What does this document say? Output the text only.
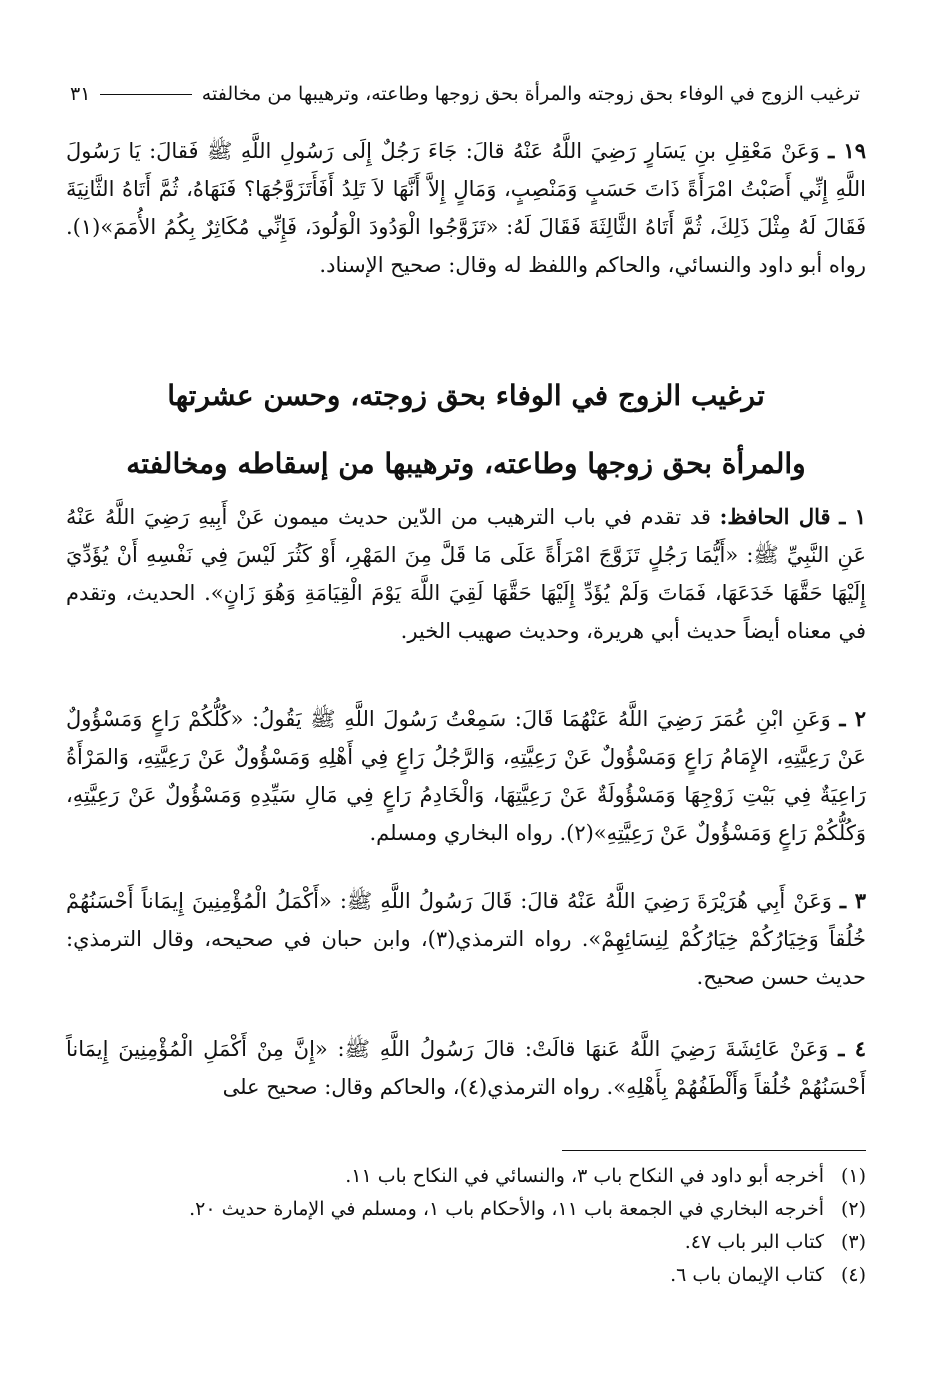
ترغيب الزوج في الوفاء بحق زوجته والمرأة بحق زوجها وطاعته، وترهيبها من مخالفته
٣١
١٩ ـ وَعَنْ مَعْقِلِ بنِ يَسَارٍ رَضِيَ اللَّهُ عَنْهُ قالَ: جَاءَ رَجُلٌ إِلَى رَسُولِ اللَّهِ ﷺ فَقالَ: يَا رَسُولَ اللَّهِ إِنِّي أَصَبْتُ امْرَأَةً ذَاتَ حَسَبٍ وَمَنْصِبٍ، وَمَالٍ إِلاَّ أَنَّهَا لاَ تَلِدُ أَفَأَتَزَوَّجُهَا؟ فَنَهَاهُ، ثُمَّ أَتَاهُ الثَّانِيَةَ فَقَالَ لَهُ مِثْلَ ذَلِكَ، ثُمَّ أَتَاهُ الثَّالِثَةَ فَقَالَ لَهُ: «تَزَوَّجُوا الْوَدُودَ الْوَلُودَ، فَإِنِّي مُكَاثِرٌ بِكُمُ الأُمَمَ»(١). رواه أبو داود والنسائي، والحاكم واللفظ له وقال: صحيح الإسناد.
ترغيب الزوج في الوفاء بحق زوجته، وحسن عشرتها
والمرأة بحق زوجها وطاعته، وترهيبها من إسقاطه ومخالفته
١ ـ قال الحافظ: قد تقدم في باب الترهيب من الدّين حديث ميمون عَنْ أَبِيهِ رَضِيَ اللَّهُ عَنْهُ عَنِ النَّبِيِّ ﷺ: «أَيُّمَا رَجُلٍ تَزَوَّجَ امْرَأَةً عَلَى مَا قَلَّ مِنَ المَهْرِ، أَوْ كَثُرَ لَيْسَ فِي نَفْسِهِ أَنْ يُؤَدِّيَ إِلَيْهَا حَقَّهَا خَدَعَهَا، فَمَاتَ وَلَمْ يُؤَدِّ إِلَيْهَا حَقَّهَا لَقِيَ اللَّهَ يَوْمَ الْقِيَامَةِ وَهُوَ زَانٍ». الحديث، وتقدم في معناه أيضاً حديث أبي هريرة، وحديث صهيب الخير.
٢ ـ وَعَنِ ابْنِ عُمَرَ رَضِيَ اللَّهُ عَنْهُمَا قَالَ: سَمِعْتُ رَسُولَ اللَّهِ ﷺ يَقُولُ: «كُلُّكُمْ رَاعٍ وَمَسْؤُولٌ عَنْ رَعِيَّتِهِ، الإِمَامُ رَاعٍ وَمَسْؤُولٌ عَنْ رَعِيَّتِهِ، وَالرَّجُلُ رَاعٍ فِي أَهْلِهِ وَمَسْؤُولٌ عَنْ رَعِيَّتِهِ، وَالمَرْأَةُ رَاعِيَةٌ فِي بَيْتِ زَوْجِهَا وَمَسْؤُولَةٌ عَنْ رَعِيَّتِهَا، وَالْخَادِمُ رَاعٍ فِي مَالِ سَيِّدِهِ وَمَسْؤُولٌ عَنْ رَعِيَّتِهِ، وَكُلُّكُمْ رَاعٍ وَمَسْؤُولٌ عَنْ رَعِيَّتِهِ»(٢). رواه البخاري ومسلم.
٣ ـ وَعَنْ أَبِي هُرَيْرَةَ رَضِيَ اللَّهُ عَنْهُ قالَ: قَالَ رَسُولُ اللَّهِ ﷺ: «أَكْمَلُ الْمُؤْمِنِينَ إِيمَاناً أَحْسَنُهُمْ خُلُقاً وَخِيَارُكُمْ خِيَارُكُمْ لِنِسَائِهِمْ». رواه الترمذي(٣)، وابن حبان في صحيحه، وقال الترمذي: حديث حسن صحيح.
٤ ـ وَعَنْ عَائِشَةَ رَضِيَ اللَّهُ عَنهَا قالَتْ: قالَ رَسُولُ اللَّهِ ﷺ: «إِنَّ مِنْ أَكْمَلِ الْمُؤْمِنِينَ إِيمَاناً أَحْسَنُهُمْ خُلُقاً وَأَلْطَفُهُمْ بِأَهْلِهِ». رواه الترمذي(٤)، والحاكم وقال: صحيح على
(١)
أخرجه أبو داود في النكاح باب ٣، والنسائي في النكاح باب ١١.
(٢)
أخرجه البخاري في الجمعة باب ١١، والأحكام باب ١، ومسلم في الإمارة حديث ٢٠.
(٣)
كتاب البر باب ٤٧.
(٤)
كتاب الإيمان باب ٦.
